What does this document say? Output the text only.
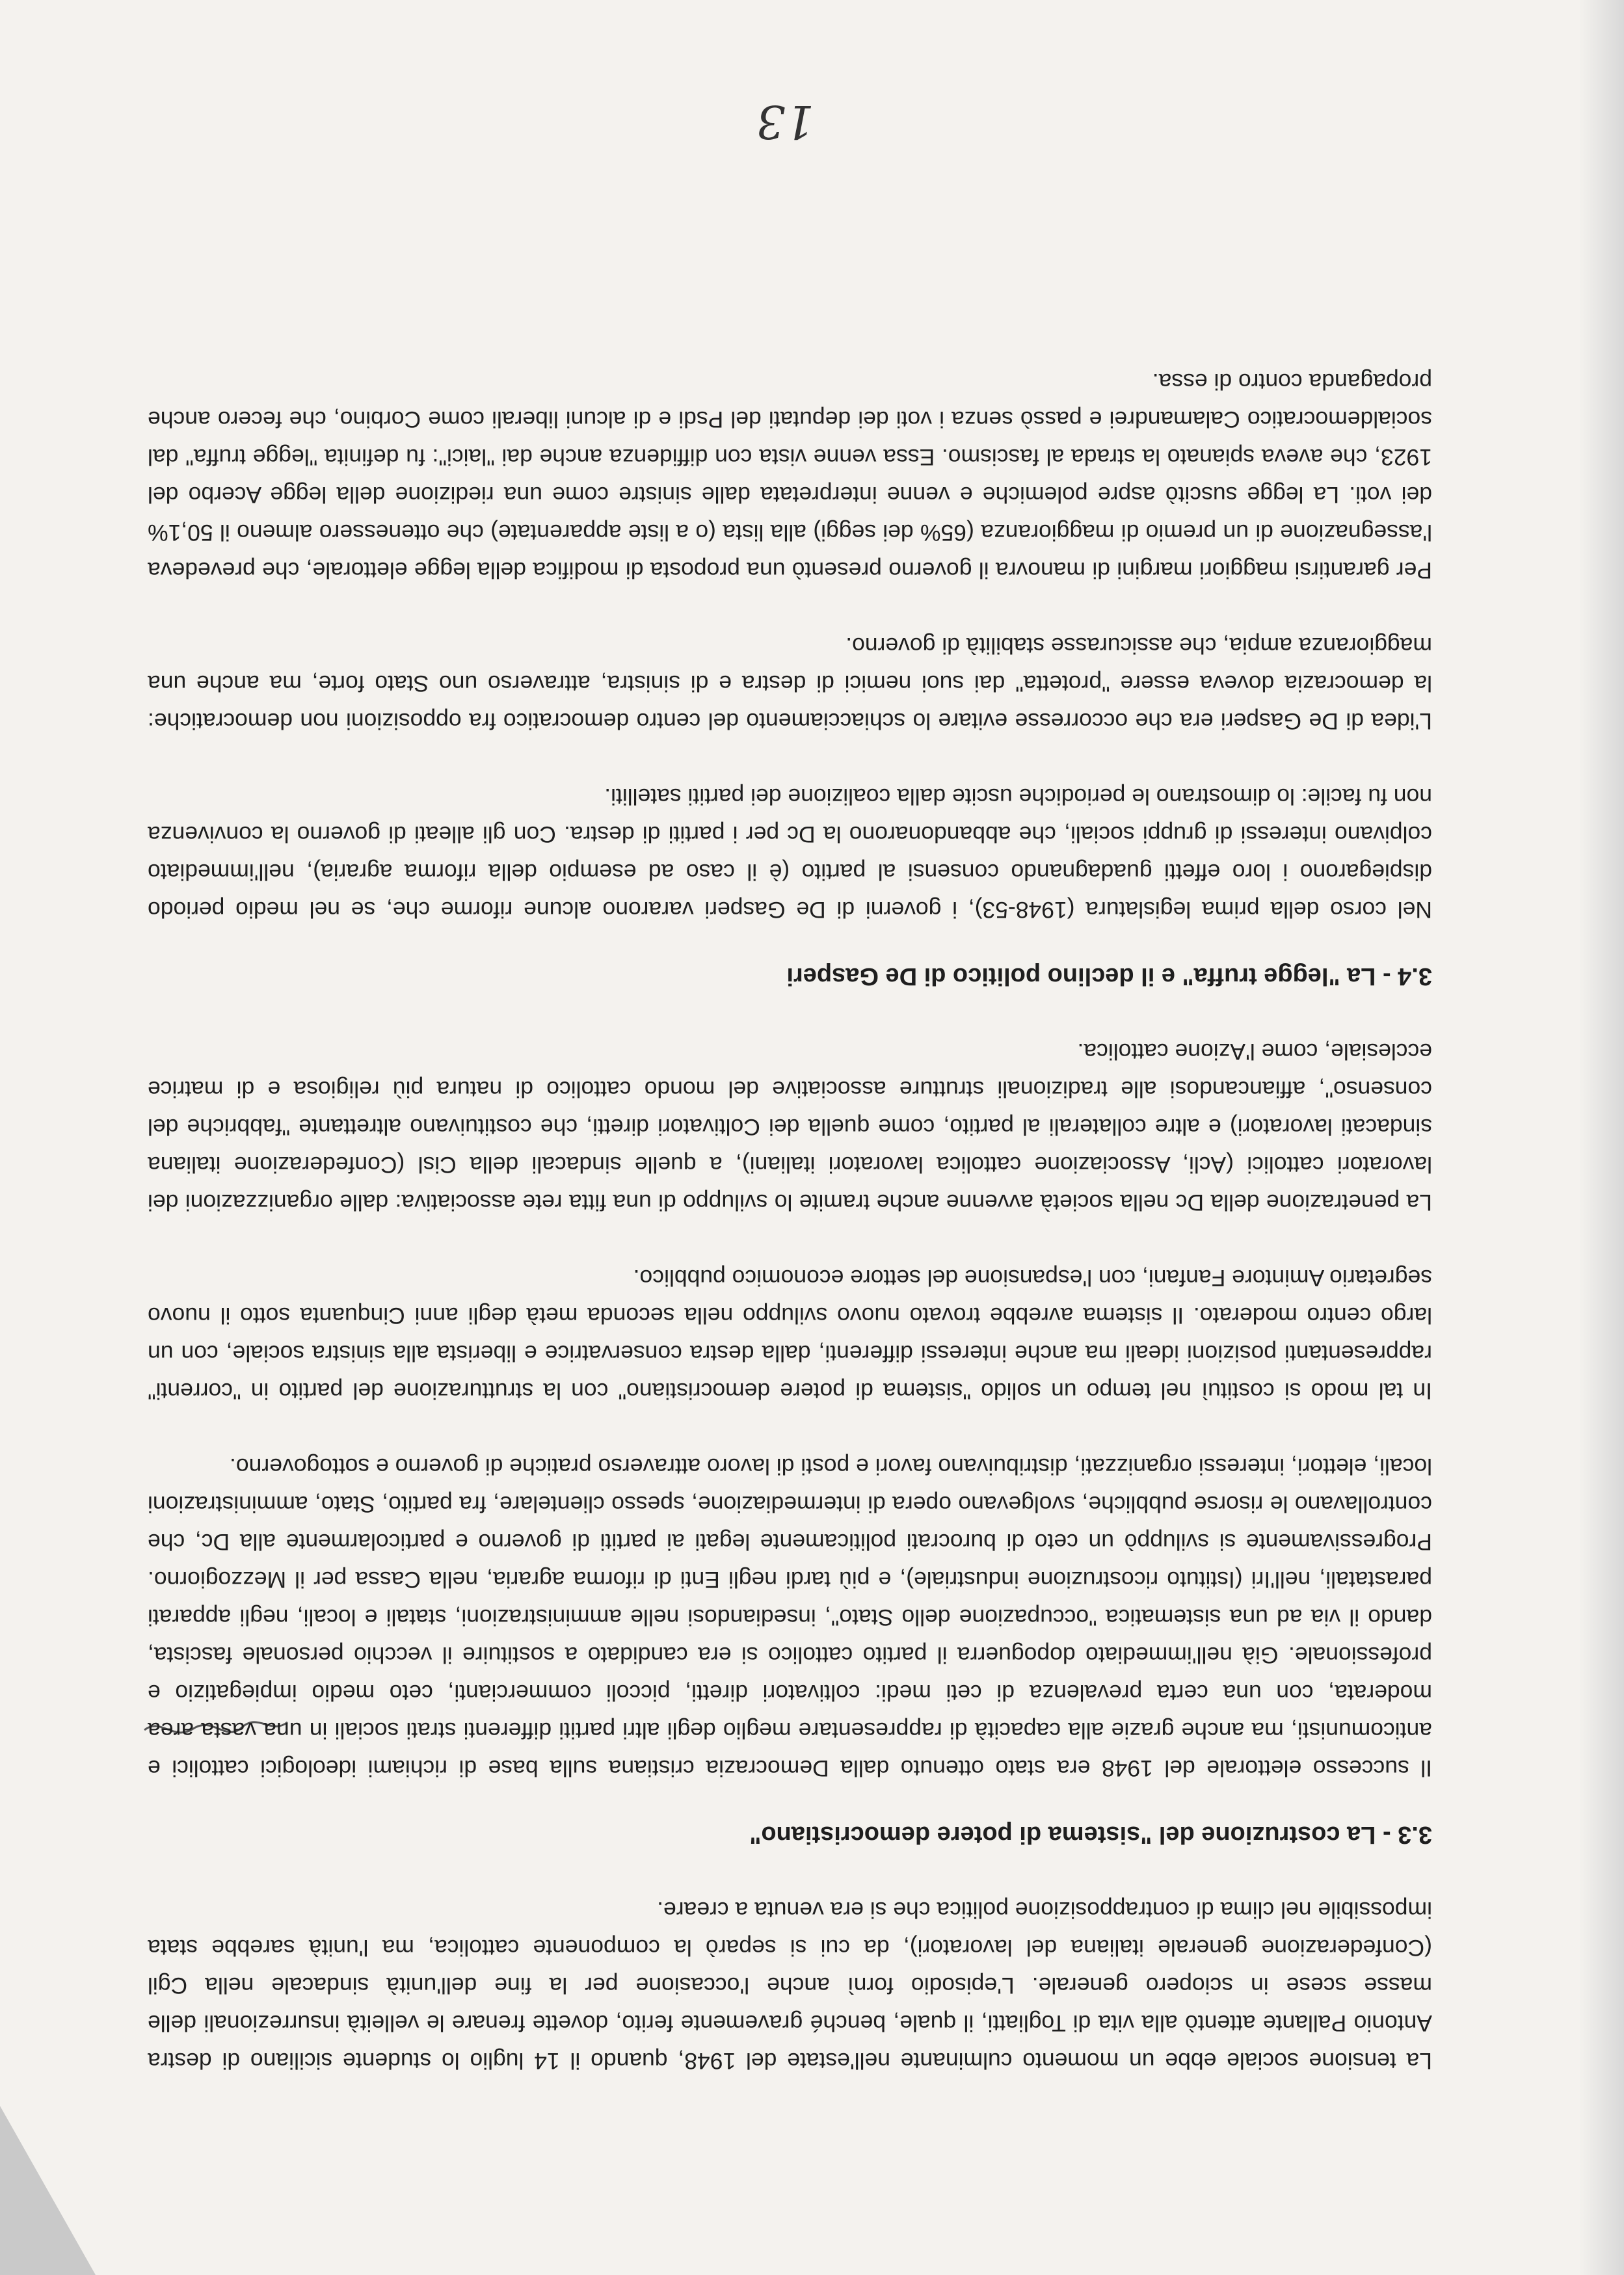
La tensione sociale ebbe un momento culminante nell'estate del 1948, quando il 14 luglio lo studente siciliano di destra Antonio Pallante attentò alla vita di Togliatti, il quale, benché gravemente ferito, dovette frenare le velleità insurrezionali delle masse scese in sciopero generale. L'episodio fornì anche l'occasione per la fine dell'unità sindacale nella Cgil (Confederazione generale italiana del lavoratori), da cui si separò la componente cattolica, ma l'unità sarebbe stata impossibile nel clima di contrapposizione politica che si era venuta a creare.

3.3 - La costruzione del "sistema di potere democristiano"

Il successo elettorale del 1948 era stato ottenuto dalla Democrazia cristiana sulla base di richiami ideologici cattolici e anticomunisti, ma anche grazie alla capacità di rappresentare meglio degli altri partiti differenti strati sociali in una vasta area moderata, con una certa prevalenza di ceti medi: coltivatori diretti, piccoli commercianti, ceto medio impiegatizio e professionale. Già nell'immediato dopoguerra il partito cattolico si era candidato a sostituire il vecchio personale fascista, dando il via ad una sistematica "occupazione dello Stato", insediandosi nelle amministrazioni, statali e locali, negli apparati parastatali, nell'Iri (Istituto ricostruzione industriale), e più tardi negli Enti di riforma agraria, nella Cassa per il Mezzogiorno. Progressivamente si sviluppò un ceto di burocrati politicamente legati ai partiti di governo e particolarmente alla Dc, che controllavano le risorse pubbliche, svolgevano opera di intermediazione, spesso clientelare, fra partito, Stato, amministrazioni locali, elettori, interessi organizzati, distribuivano favori e posti di lavoro attraverso pratiche di governo e sottogoverno.

In tal modo si costituì nel tempo un solido "sistema di potere democristiano" con la strutturazione del partito in "correnti" rappresentanti posizioni ideali ma anche interessi differenti, dalla destra conservatrice e liberista alla sinistra sociale, con un largo centro moderato. Il sistema avrebbe trovato nuovo sviluppo nella seconda metà degli anni Cinquanta sotto il nuovo segretario Amintore Fanfani, con l'espansione del settore economico pubblico.

La penetrazione della Dc nella società avvenne anche tramite lo sviluppo di una fitta rete associativa: dalle organizzazioni dei lavoratori cattolici (Acli, Associazione cattolica lavoratori italiani), a quelle sindacali della Cisl (Confederazione italiana sindacati lavoratori) e altre collaterali al partito, come quella dei Coltivatori diretti, che costituivano altrettante "fabbriche del consenso", affiancandosi alle tradizionali strutture associative del mondo cattolico di natura più religiosa e di matrice ecclesiale, come l'Azione cattolica.

3.4 - La "legge truffa" e il declino politico di De Gasperi

Nel corso della prima legislatura (1948-53), i governi di De Gasperi vararono alcune riforme che, se nel medio periodo dispiegarono i loro effetti guadagnando consensi al partito (è il caso ad esempio della riforma agraria), nell'immediato colpivano interessi di gruppi sociali, che abbandonarono la Dc per i partiti di destra. Con gli alleati di governo la convivenza non fu facile: lo dimostrano le periodiche uscite dalla coalizione dei partiti satelliti.

L'idea di De Gasperi era che occorresse evitare lo schiacciamento del centro democratico fra opposizioni non democratiche: la democrazia doveva essere "protetta" dai suoi nemici di destra e di sinistra, attraverso uno Stato forte, ma anche una maggioranza ampia, che assicurasse stabilità di governo.

Per garantirsi maggiori margini di manovra il governo presentò una proposta di modifica della legge elettorale, che prevedeva l'assegnazione di un premio di maggioranza (65% dei seggi) alla lista (o a liste apparentate) che ottenessero almeno il 50,1% dei voti. La legge suscitò aspre polemiche e venne interpretata dalle sinistre come una riedizione della legge Acerbo del 1923, che aveva spianato la strada al fascismo. Essa venne vista con diffidenza anche dai "laici": fu definita "legge truffa" dal socialdemocratico Calamandrei e passò senza i voti dei deputati del Psdi e di alcuni liberali come Corbino, che fecero anche propaganda contro di essa.

13
